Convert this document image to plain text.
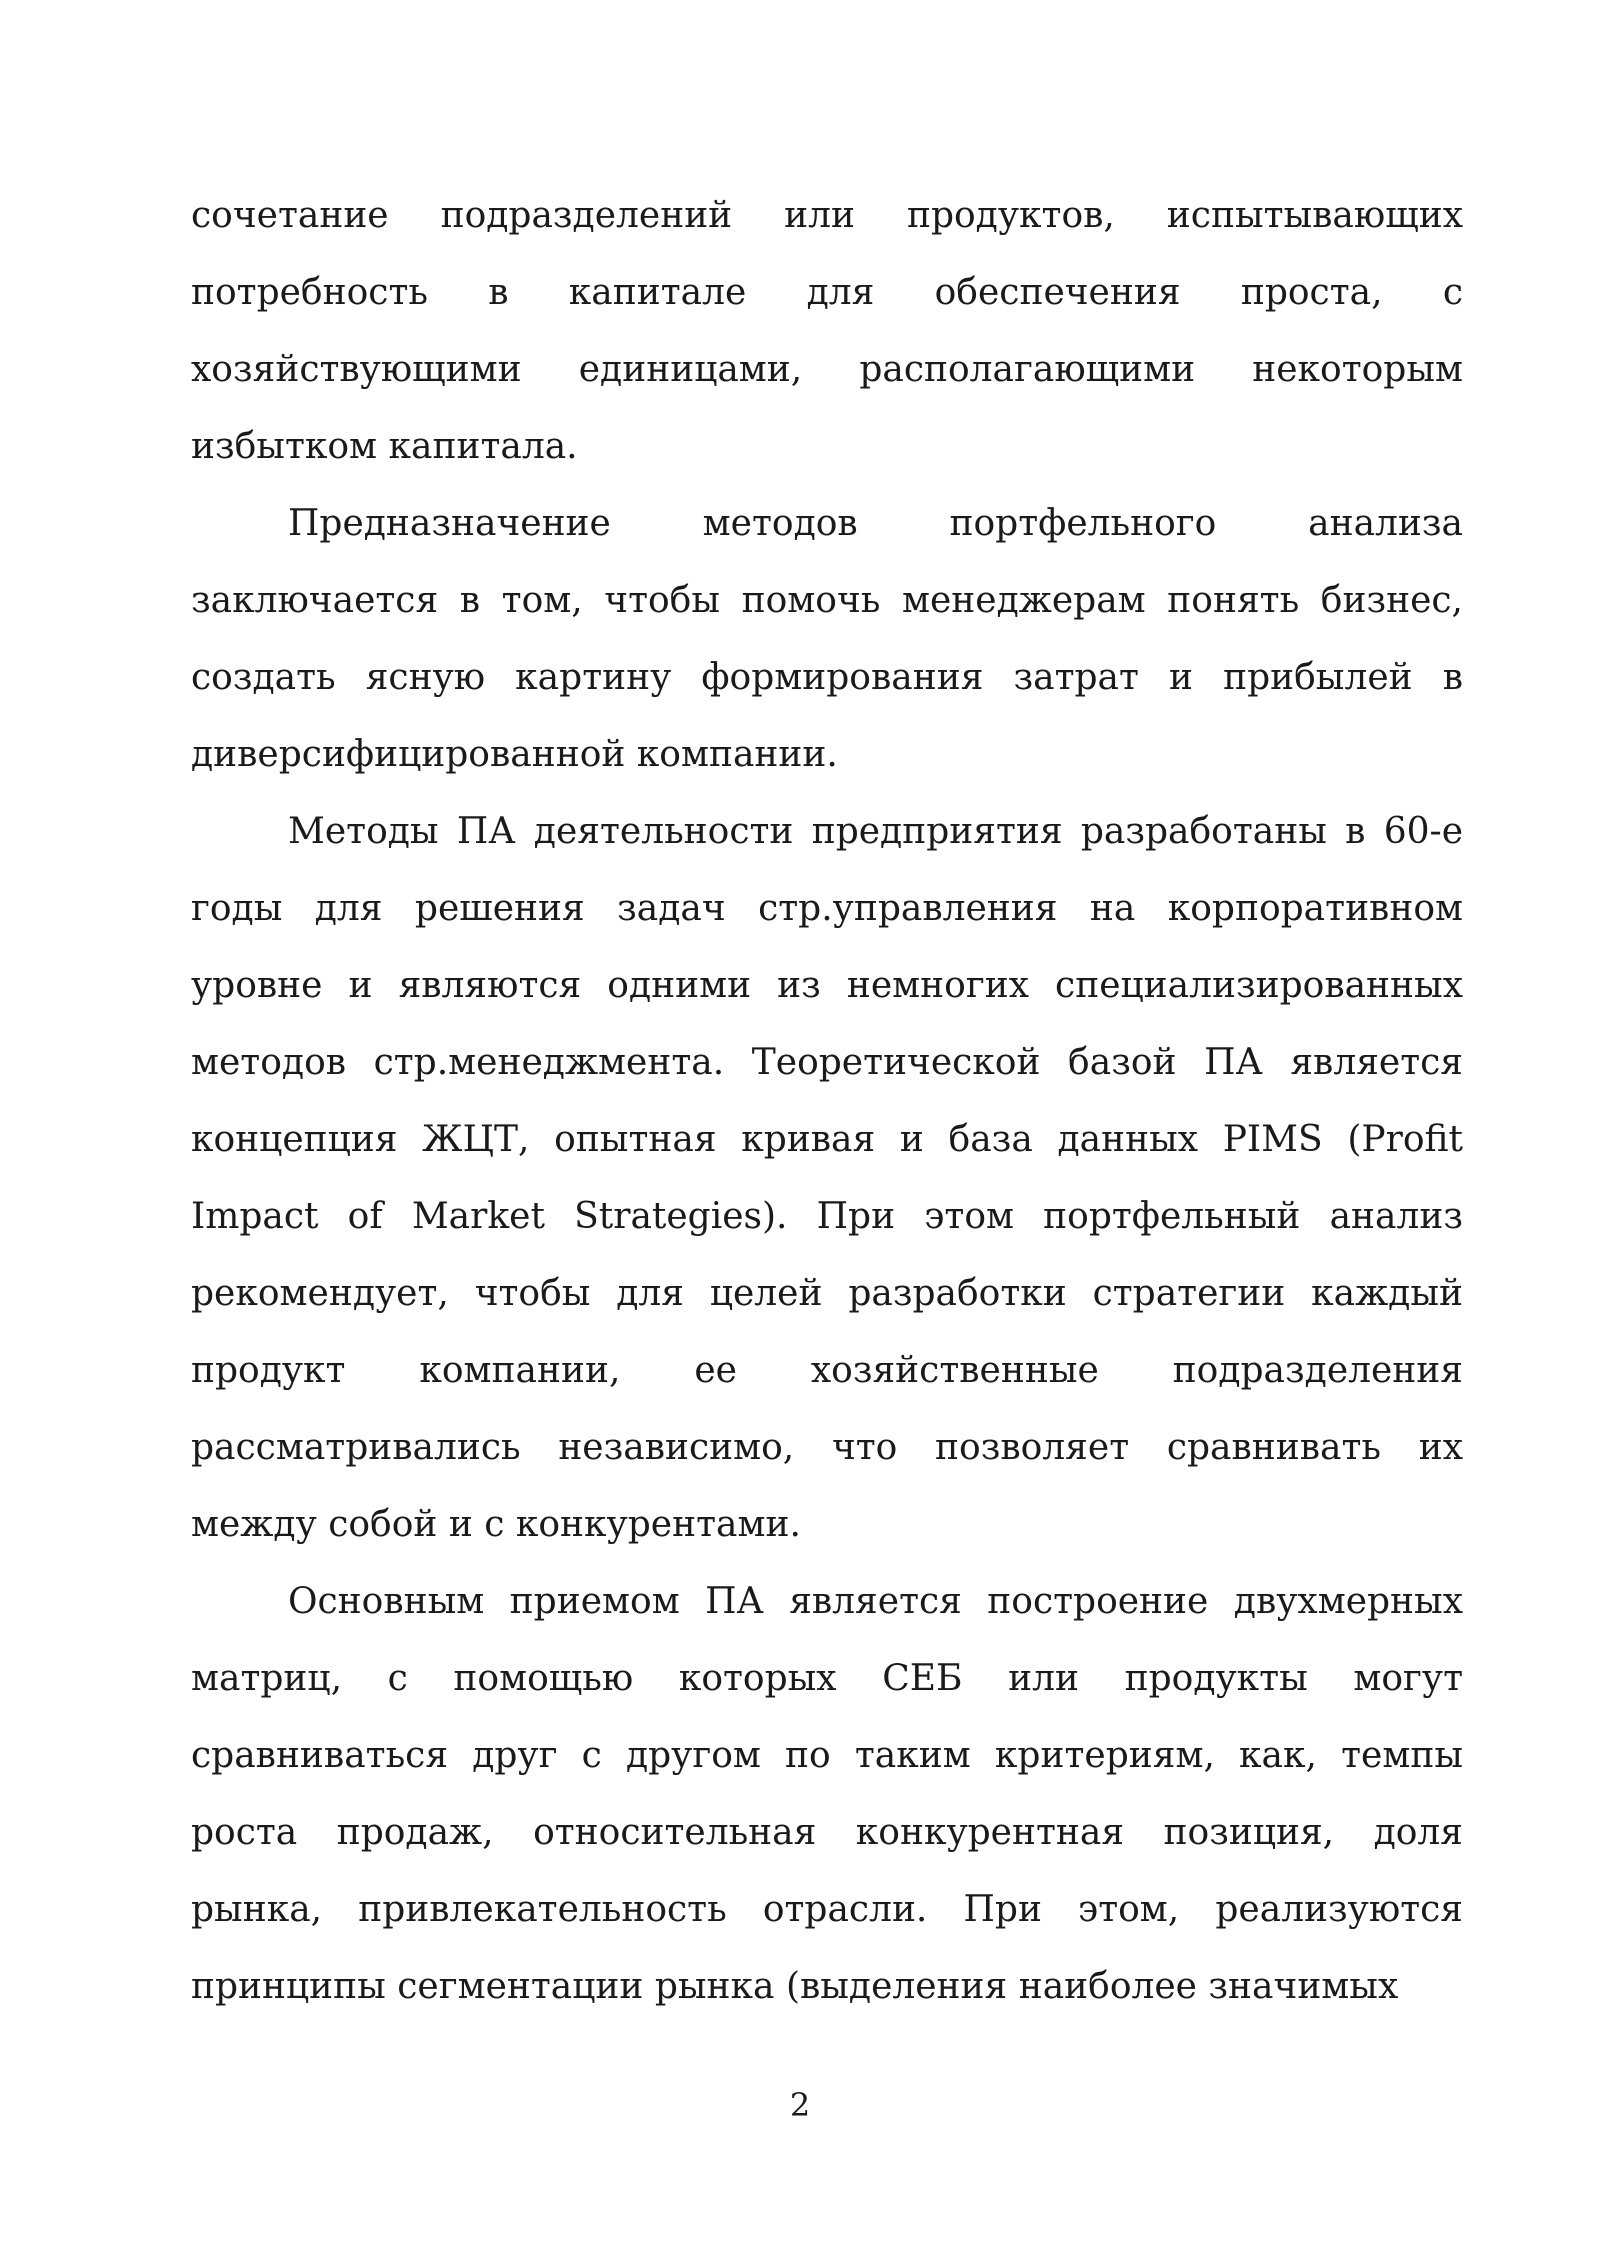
сочетание подразделений или продуктов, испытывающих потребность в капитале для обеспечения проста, с хозяйствующими единицами, располагающими некоторым избытком капитала.

Предназначение методов портфельного анализа заключается в том, чтобы помочь менеджерам понять бизнес, создать ясную картину формирования затрат и прибылей в диверсифицированной компании.

Методы ПА деятельности предприятия разработаны в 60-е годы для решения задач стр.управления на корпоративном уровне и являются одними из немногих специализированных методов стр.менеджмента. Теоретической базой ПА является концепция ЖЦТ, опытная кривая и база данных PIMS (Profit Impact of Market Strategies). При этом портфельный анализ рекомендует, чтобы для целей разработки стратегии каждый продукт компании, ее хозяйственные подразделения рассматривались независимо, что позволяет сравнивать их между собой и с конкурентами.

Основным приемом ПА является построение двухмерных матриц, с помощью которых СЕБ или продукты могут сравниваться друг с другом по таким критериям, как, темпы роста продаж, относительная конкурентная позиция, доля рынка, привлекательность отрасли. При этом, реализуются принципы сегментации рынка (выделения наиболее значимых

2
